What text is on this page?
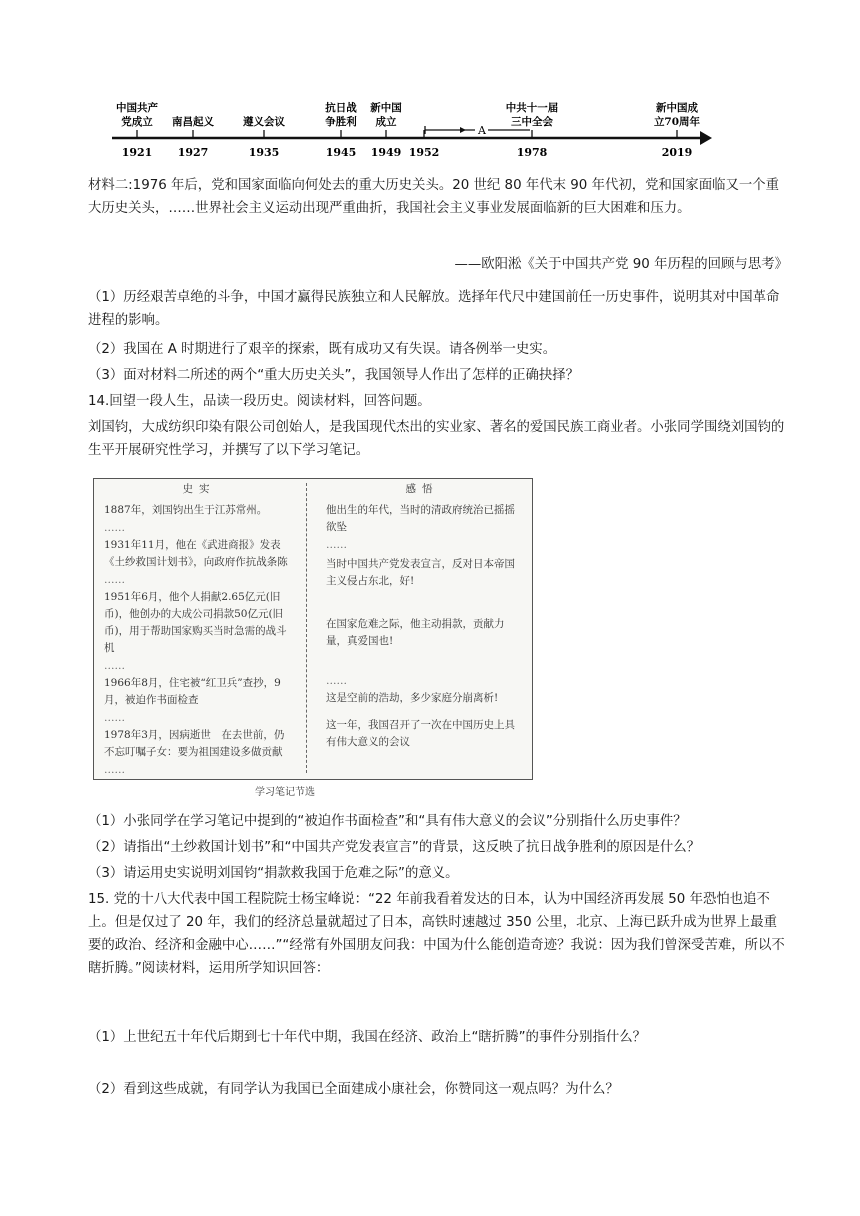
中国共产
党成立
1921
南昌起义
1927
遵义会议
1935
抗日战
争胜利
1945
新中国
成立
1949 1952
中共十一届
三中全会
1978
新中国成
立70周年
2019
A

材料二:1976 年后，党和国家面临向何处去的重大历史关头。20 世纪 80 年代末 90 年代初，党和国家面临又一个重大历史关头，……世界社会主义运动出现严重曲折，我国社会主义事业发展面临新的巨大困难和压力。

——欧阳淞《关于中国共产党 90 年历程的回顾与思考》

（1）历经艰苦卓绝的斗争，中国才赢得民族独立和人民解放。选择年代尺中建国前任一历史事件，说明其对中国革命进程的影响。

（2）我国在 A 时期进行了艰辛的探索，既有成功又有失误。请各例举一史实。

（3）面对材料二所述的两个“重大历史关头”，我国领导人作出了怎样的正确抉择？

14.回望一段人生，品读一段历史。阅读材料，回答问题。

刘国钧，大成纺织印染有限公司创始人，是我国现代杰出的实业家、著名的爱国民族工商业者。小张同学围绕刘国钧的生平开展研究性学习，并撰写了以下学习笔记。

史实
1887年，刘国钧出生于江苏常州。
……
1931年11月，他在《武进商报》发表《土纱救国计划书》，向政府作抗战条陈
……
1951年6月，他个人捐献2.65亿元(旧币)，他创办的大成公司捐款50亿元(旧币)，用于帮助国家购买当时急需的战斗机
……
1966年8月，住宅被“红卫兵”查抄，9月，被迫作书面检查
……
1978年3月，因病逝世　在去世前，仍不忘叮嘱子女：要为祖国建设多做贡献
……
感悟
他出生的年代，当时的清政府统治已摇摇欲坠
……
当时中国共产党发表宣言，反对日本帝国主义侵占东北，好!
在国家危难之际，他主动捐款，贡献力量，真爱国也!
……
这是空前的浩劫，多少家庭分崩离析!
这一年，我国召开了一次在中国历史上具有伟大意义的会议
学习笔记节选

（1）小张同学在学习笔记中提到的“被迫作书面检查”和“具有伟大意义的会议”分别指什么历史事件？

（2）请指出“土纱救国计划书”和“中国共产党发表宣言”的背景，这反映了抗日战争胜利的原因是什么？

（3）请运用史实说明刘国钧“捐款救我国于危难之际”的意义。

15. 党的十八大代表中国工程院院士杨宝峰说：“22 年前我看着发达的日本，认为中国经济再发展 50 年恐怕也追不上。但是仅过了 20 年，我们的经济总量就超过了日本，高铁时速越过 350 公里，北京、上海已跃升成为世界上最重要的政治、经济和金融中心……”“经常有外国朋友问我：中国为什么能创造奇迹？我说：因为我们曾深受苦难，所以不瞎折腾。”阅读材料，运用所学知识回答：

（1）上世纪五十年代后期到七十年代中期，我国在经济、政治上“瞎折腾”的事件分别指什么？

（2）看到这些成就，有同学认为我国已全面建成小康社会，你赞同这一观点吗？为什么？
